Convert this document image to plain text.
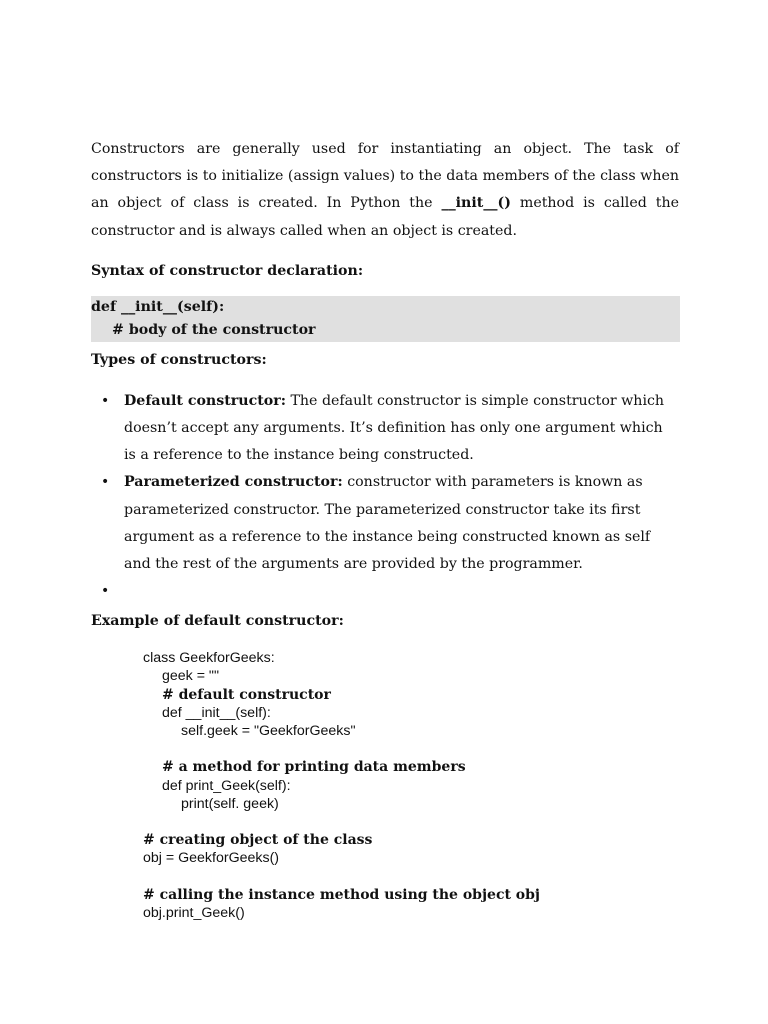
Constructors are generally used for instantiating an object. The task of constructors is to initialize (assign values) to the data members of the class when an object of class is created. In Python the __init__() method is called the constructor and is always called when an object is created.

Syntax of constructor declaration:

def __init__(self):

# body of the constructor

Types of constructors:

• Default constructor: The default constructor is simple constructor which doesn’t accept any arguments. It’s definition has only one argument which is a reference to the instance being constructed.
• Parameterized constructor: constructor with parameters is known as parameterized constructor. The parameterized constructor take its first argument as a reference to the instance being constructed known as self and the rest of the arguments are provided by the programmer.
•

Example of default constructor:

class GeekforGeeks:

geek = ""

# default constructor

def __init__(self):

self.geek = "GeekforGeeks"

# a method for printing data members

def print_Geek(self):

print(self. geek)

# creating object of the class

obj = GeekforGeeks()

# calling the instance method using the object obj

obj.print_Geek()
